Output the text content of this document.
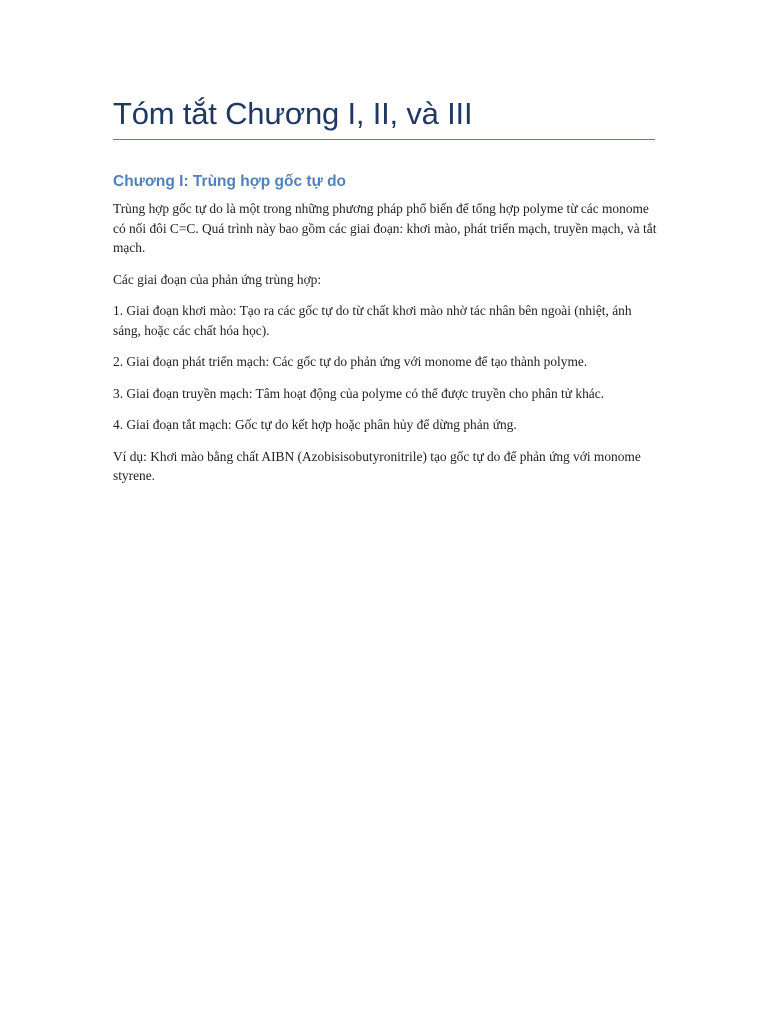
Tóm tắt Chương I, II, và III
Chương I: Trùng hợp gốc tự do

Trùng hợp gốc tự do là một trong những phương pháp phổ biến để tổng hợp polyme từ các monome có nối đôi C=C. Quá trình này bao gồm các giai đoạn: khơi mào, phát triển mạch, truyền mạch, và tắt mạch.

Các giai đoạn của phản ứng trùng hợp:

1. Giai đoạn khơi mào: Tạo ra các gốc tự do từ chất khơi mào nhờ tác nhân bên ngoài (nhiệt, ánh sáng, hoặc các chất hóa học).

2. Giai đoạn phát triển mạch: Các gốc tự do phản ứng với monome để tạo thành polyme.

3. Giai đoạn truyền mạch: Tâm hoạt động của polyme có thể được truyền cho phân tử khác.

4. Giai đoạn tắt mạch: Gốc tự do kết hợp hoặc phân hủy để dừng phản ứng.

Ví dụ: Khơi mào bằng chất AIBN (Azobisisobutyronitrile) tạo gốc tự do để phản ứng với monome styrene.
